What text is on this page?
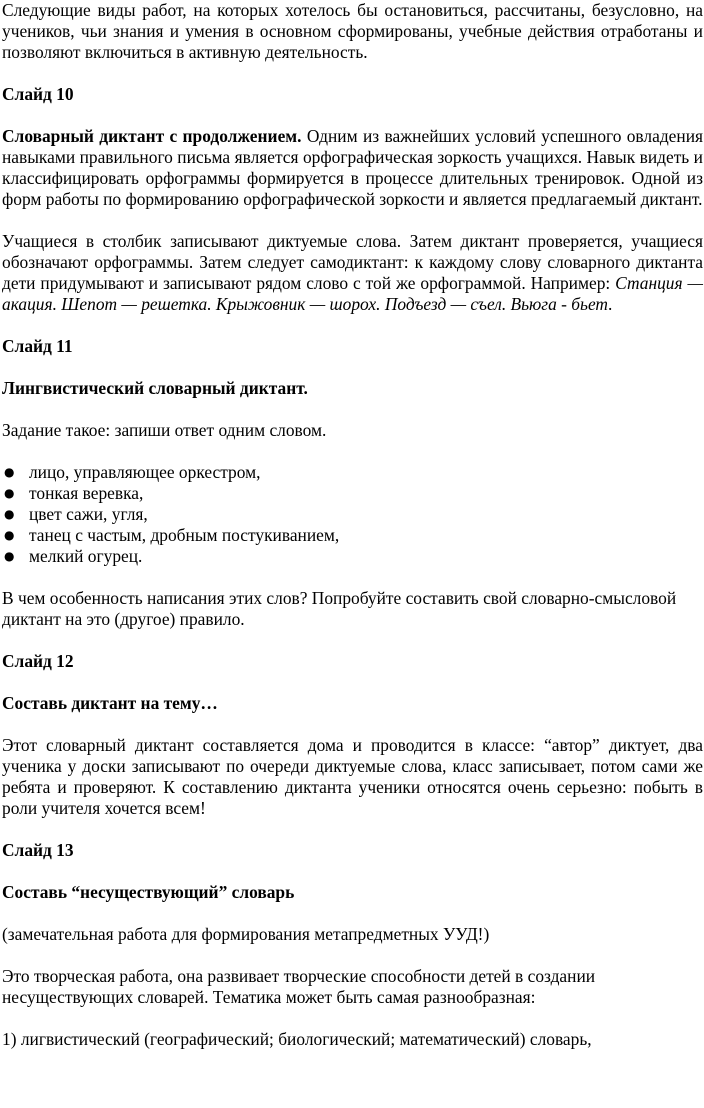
Следующие виды работ, на которых хотелось бы остановиться, рассчитаны, безусловно, на учеников, чьи знания и умения в основном сформированы, учебные действия отработаны и позволяют включиться в активную деятельность.

Слайд 10

Словарный диктант с продолжением. Одним из важнейших условий успешного овладения навыками правильного письма является орфографическая зоркость учащихся. Навык видеть и классифицировать орфограммы формируется в процессе длительных тренировок. Одной из форм работы по формированию орфографической зоркости и является предлагаемый диктант.

Учащиеся в столбик записывают диктуемые слова. Затем диктант проверяется, учащиеся обозначают орфограммы. Затем следует самодиктант: к каждому слову словарного диктанта дети придумывают и записывают рядом слово с той же орфограммой. Например: Станция — акация. Шепот — решетка. Крыжовник — шорох. Подъезд — съел. Вьюга - бьет.

Слайд 11

Лингвистический словарный диктант.

Задание такое: запиши ответ одним словом.

● лицо, управляющее оркестром,
● тонкая веревка,
● цвет сажи, угля,
● танец с частым, дробным постукиванием,
● мелкий огурец.

В чем особенность написания этих слов? Попробуйте составить свой словарно-смысловой диктант на это (другое) правило.

Слайд 12

Составь диктант на тему…

Этот словарный диктант составляется дома и проводится в классе: “автор” диктует, два ученика у доски записывают по очереди диктуемые слова, класс записывает, потом сами же ребята и проверяют. К составлению диктанта ученики относятся очень серьезно: побыть в роли учителя хочется всем!

Слайд 13

Составь “несуществующий” словарь

(замечательная работа для формирования метапредметных УУД!)

Это творческая работа, она развивает творческие способности детей в создании несуществующих словарей. Тематика может быть самая разнообразная:

1) лигвистический (географический; биологический; математический) словарь,
